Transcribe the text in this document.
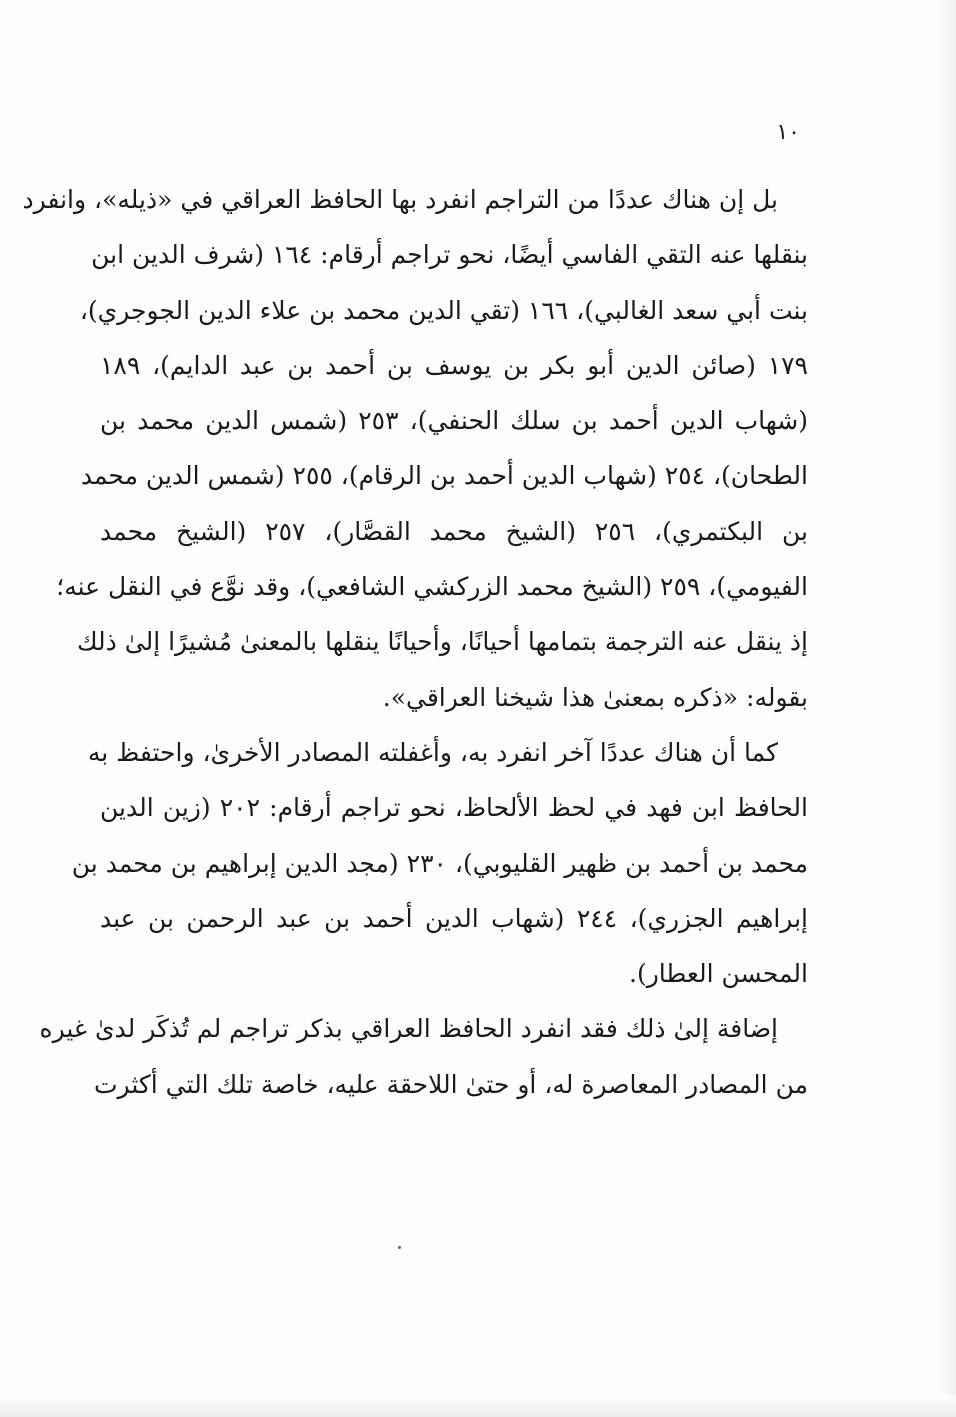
١٠
بل إن هناك عددًا من التراجم انفرد بها الحافظ العراقي في «ذيله»، وانفرد
بنقلها عنه التقي الفاسي أيضًا، نحو تراجم أرقام: ١٦٤ (شرف الدين ابن
بنت أبي سعد الغالبي)، ١٦٦ (تقي الدين محمد بن علاء الدين الجوجري)،
١٧٩ (صائن الدين أبو بكر بن يوسف بن أحمد بن عبد الدايم)، ١٨٩
(شهاب الدين أحمد بن سلك الحنفي)، ٢٥٣ (شمس الدين محمد بن
الطحان)، ٢٥٤ (شهاب الدين أحمد بن الرقام)، ٢٥٥ (شمس الدين محمد
بن البكتمري)، ٢٥٦ (الشيخ محمد القصَّار)، ٢٥٧ (الشيخ محمد
الفيومي)، ٢٥٩ (الشيخ محمد الزركشي الشافعي)، وقد نوَّع في النقل عنه؛
إذ ينقل عنه الترجمة بتمامها أحيانًا، وأحيانًا ينقلها بالمعنىٰ مُشيرًا إلىٰ ذلك
بقوله: «ذكره بمعنىٰ هذا شيخنا العراقي».
كما أن هناك عددًا آخر انفرد به، وأغفلته المصادر الأخرىٰ، واحتفظ به
الحافظ ابن فهد في لحظ الألحاظ، نحو تراجم أرقام: ٢٠٢ (زين الدين
محمد بن أحمد بن ظهير القليوبي)، ٢٣٠ (مجد الدين إبراهيم بن محمد بن
إبراهيم الجزري)، ٢٤٤ (شهاب الدين أحمد بن عبد الرحمن بن عبد
المحسن العطار).
إضافة إلىٰ ذلك فقد انفرد الحافظ العراقي بذكر تراجم لم تُذكَر لدىٰ غيره
من المصادر المعاصرة له، أو حتىٰ اللاحقة عليه، خاصة تلك التي أكثرت
